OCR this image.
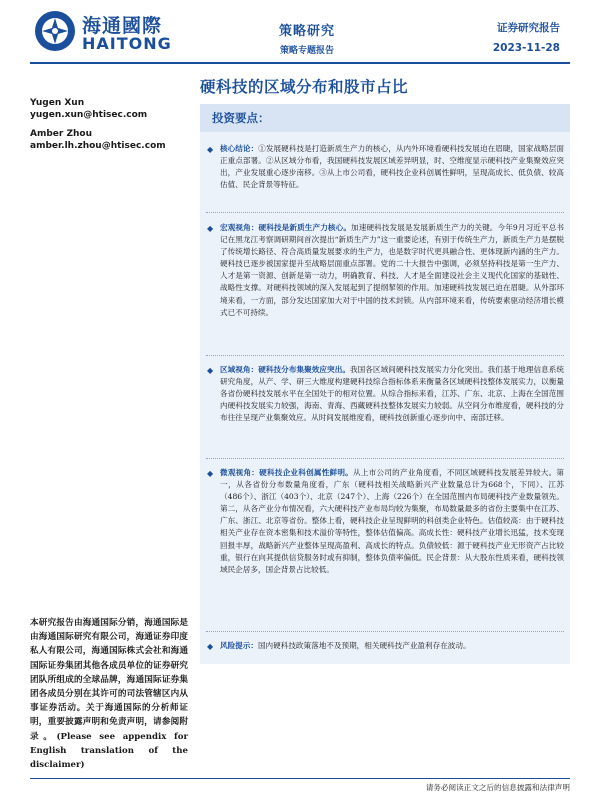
海通國際
HAITONG
策略研究
策略专题报告
证券研究报告
2023-11-28
硬科技的区域分布和股市占比
Yugen Xun
yugen.xun@htisec.com
Amber Zhou
amber.lh.zhou@htisec.com
投资要点：
◆ 核心结论：①发展硬科技是打造新质生产力的核心，从内外环境看硬科技发展迫在眉睫，国家战略层面正重点部署。②从区域分布看，我国硬科技发展区域差异明显，时、空维度显示硬科技产业集聚效应突出，产业发展重心逐步南移。③从上市公司看，硬科技企业科创属性鲜明，呈现高成长、低负债、较高估值、民企背景等特征。
◆ 宏观视角：硬科技是新质生产力核心。加速硬科技发展是发展新质生产力的关键。今年9月习近平总书记在黑龙江考察调研期间首次提出“新质生产力”这一重要论述，有别于传统生产力，新质生产力是摆脱了传统增长路径、符合高质量发展要求的生产力，也是数字时代更具融合性、更体现新内涵的生产力。硬科技已逐步被国家提升至战略层面重点部署。党的二十大报告中强调，必须坚持科技是第一生产力、人才是第一资源、创新是第一动力，明确教育、科技、人才是全面建设社会主义现代化国家的基础性、战略性支撑。对硬科技领域的深入发展起到了提纲挈领的作用。加速硬科技发展已迫在眉睫。从外部环境来看，一方面，部分发达国家加大对于中国的技术封锁。从内部环境来看，传统要素驱动经济增长模式已不可持续。
◆ 区域视角：硬科技分布集聚效应突出。我国各区域间硬科技发展实力分化突出。我们基于地理信息系统研究角度，从产、学、研三大维度构建硬科技综合指标体系来衡量各区域硬科技整体发展实力，以衡量各省份硬科技发展水平在全国处于的相对位置。从综合指标来看，江苏、广东、北京、上海在全国范围内硬科技发展实力较强，海南、青海、西藏硬科技整体发展实力较弱。从空间分布维度看，硬科技的分布往往呈现产业集聚效应。从时间发展维度看，硬科技创新重心逐步向中、南部迁移。
◆ 微观视角：硬科技企业科创属性鲜明。从上市公司的产业角度看，不同区域硬科技发展差异较大。第一，从各省份分布数量角度看，广东（硬科技相关战略新兴产业数量总计为668个，下同）、江苏（486个）、浙江（403个）、北京（247个）、上海（226个）在全国范围内布局硬科技产业数量领先。第二，从各产业分布情况看，六大硬科技产业布局均较为集聚，布局数量最多的省份主要集中在江苏、广东、浙江、北京等省份。整体上看，硬科技企业呈现鲜明的科创类企业特色。估值较高：由于硬科技相关产业存在资本密集和技术溢价等特性，整体估值偏高。高成长性：硬科技产业增长迅猛，技术变现回报丰厚，战略新兴产业整体呈现高盈利、高成长的特点。负债较低：源于硬科技产业无形资产占比较重，银行在向其提供信贷服务时或有抑制，整体负债率偏低。民企背景：从大股东性质来看，硬科技领域民企居多，国企背景占比较低。
◆ 风险提示：国内硬科技政策落地不及预期，相关硬科技产业盈利存在波动。
本研究报告由海通国际分销，海通国际是由海通国际研究有限公司，海通证券印度私人有限公司，海通国际株式会社和海通国际证券集团其他各成员单位的证券研究团队所组成的全球品牌，海通国际证券集团各成员分别在其许可的司法管辖区内从事证券活动。关于海通国际的分析师证明，重要披露声明和免责声明，请参阅附录。(Please see appendix for English translation of the disclaimer)
请务必阅读正文之后的信息披露和法律声明
